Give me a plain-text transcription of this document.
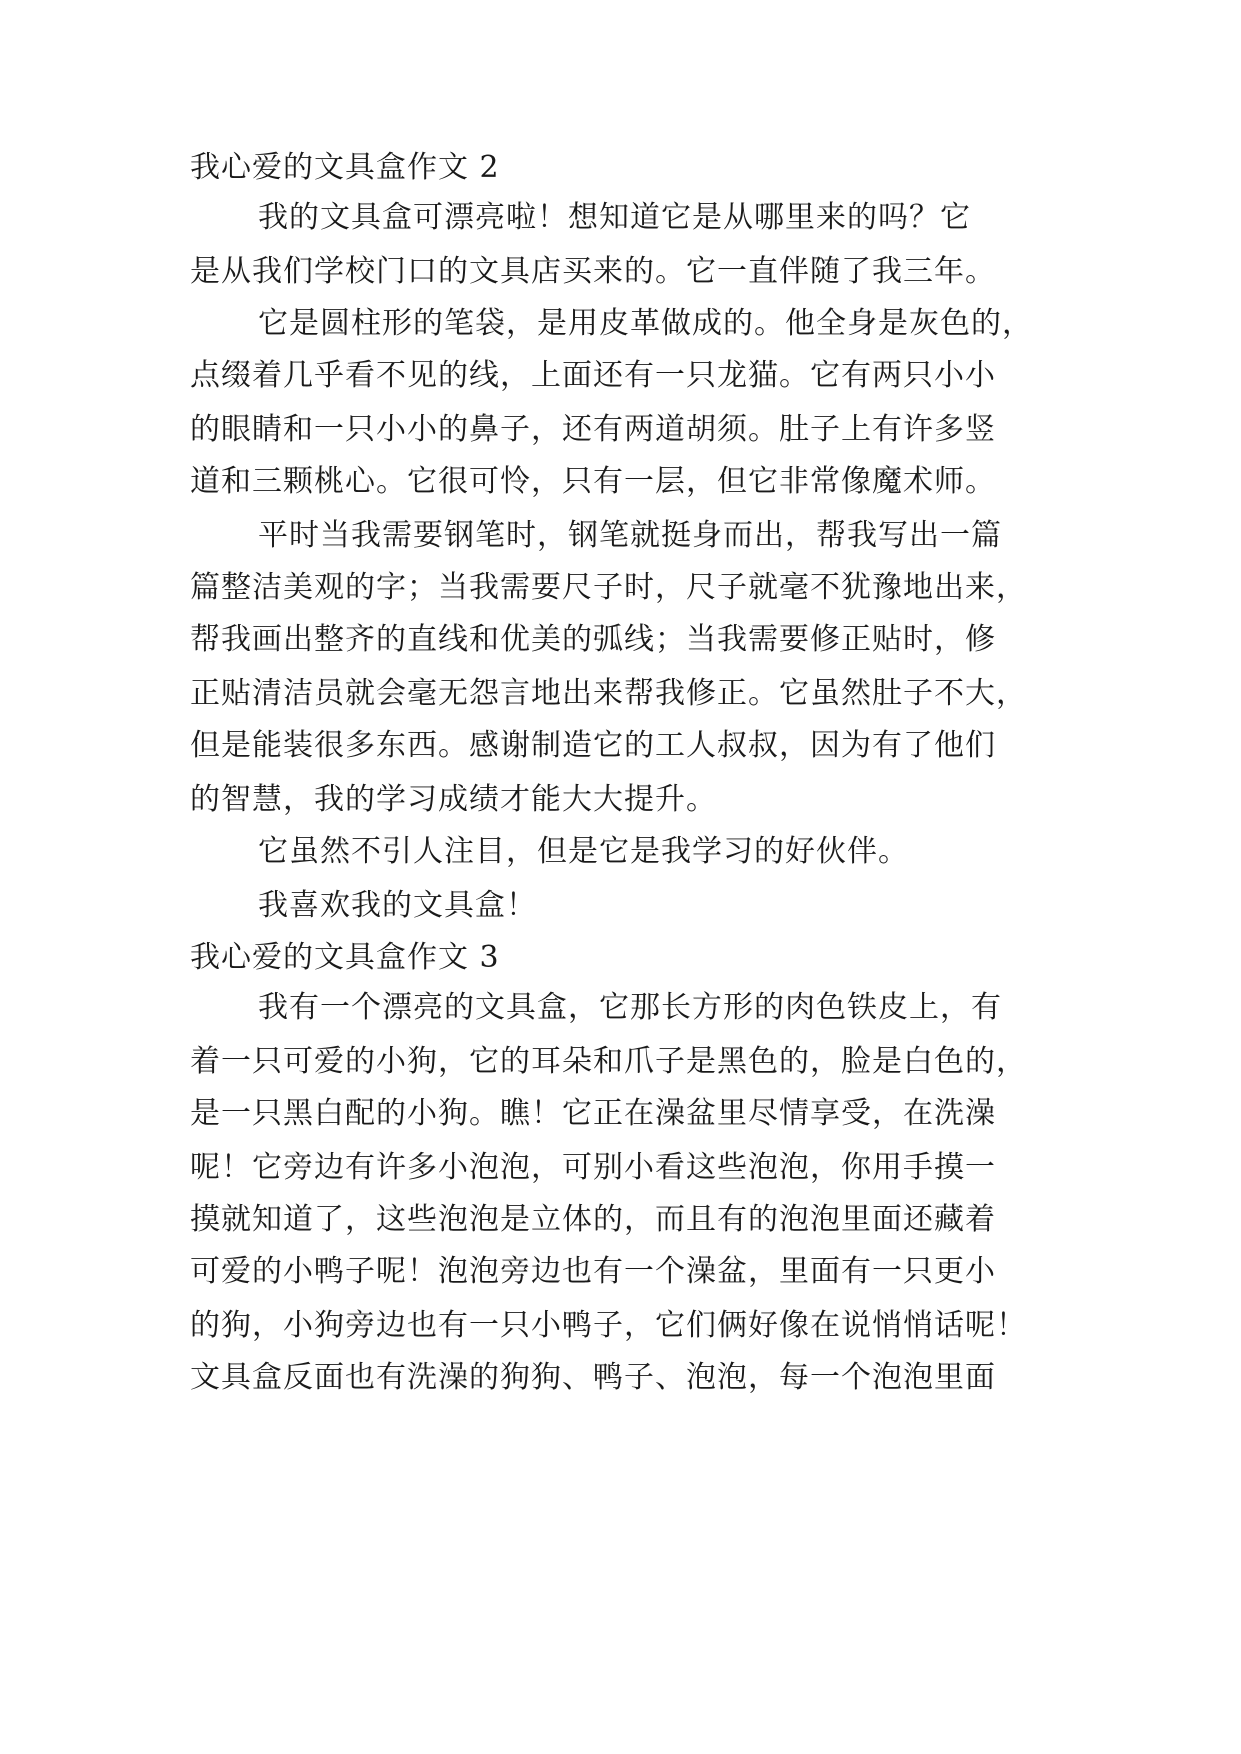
我心爱的文具盒作文 2
我的文具盒可漂亮啦！想知道它是从哪里来的吗？它
是从我们学校门口的文具店买来的。它一直伴随了我三年。
它是圆柱形的笔袋，是用皮革做成的。他全身是灰色的，
点缀着几乎看不见的线，上面还有一只龙猫。它有两只小小
的眼睛和一只小小的鼻子，还有两道胡须。肚子上有许多竖
道和三颗桃心。它很可怜，只有一层，但它非常像魔术师。
平时当我需要钢笔时，钢笔就挺身而出，帮我写出一篇
篇整洁美观的字；当我需要尺子时，尺子就毫不犹豫地出来，
帮我画出整齐的直线和优美的弧线；当我需要修正贴时，修
正贴清洁员就会毫无怨言地出来帮我修正。它虽然肚子不大，
但是能装很多东西。感谢制造它的工人叔叔，因为有了他们
的智慧，我的学习成绩才能大大提升。
它虽然不引人注目，但是它是我学习的好伙伴。
我喜欢我的文具盒！
我心爱的文具盒作文 3
我有一个漂亮的文具盒，它那长方形的肉色铁皮上，有
着一只可爱的小狗，它的耳朵和爪子是黑色的，脸是白色的，
是一只黑白配的小狗。瞧！它正在澡盆里尽情享受，在洗澡
呢！它旁边有许多小泡泡，可别小看这些泡泡，你用手摸一
摸就知道了，这些泡泡是立体的，而且有的泡泡里面还藏着
可爱的小鸭子呢！泡泡旁边也有一个澡盆，里面有一只更小
的狗，小狗旁边也有一只小鸭子，它们俩好像在说悄悄话呢！
文具盒反面也有洗澡的狗狗、鸭子、泡泡，每一个泡泡里面
